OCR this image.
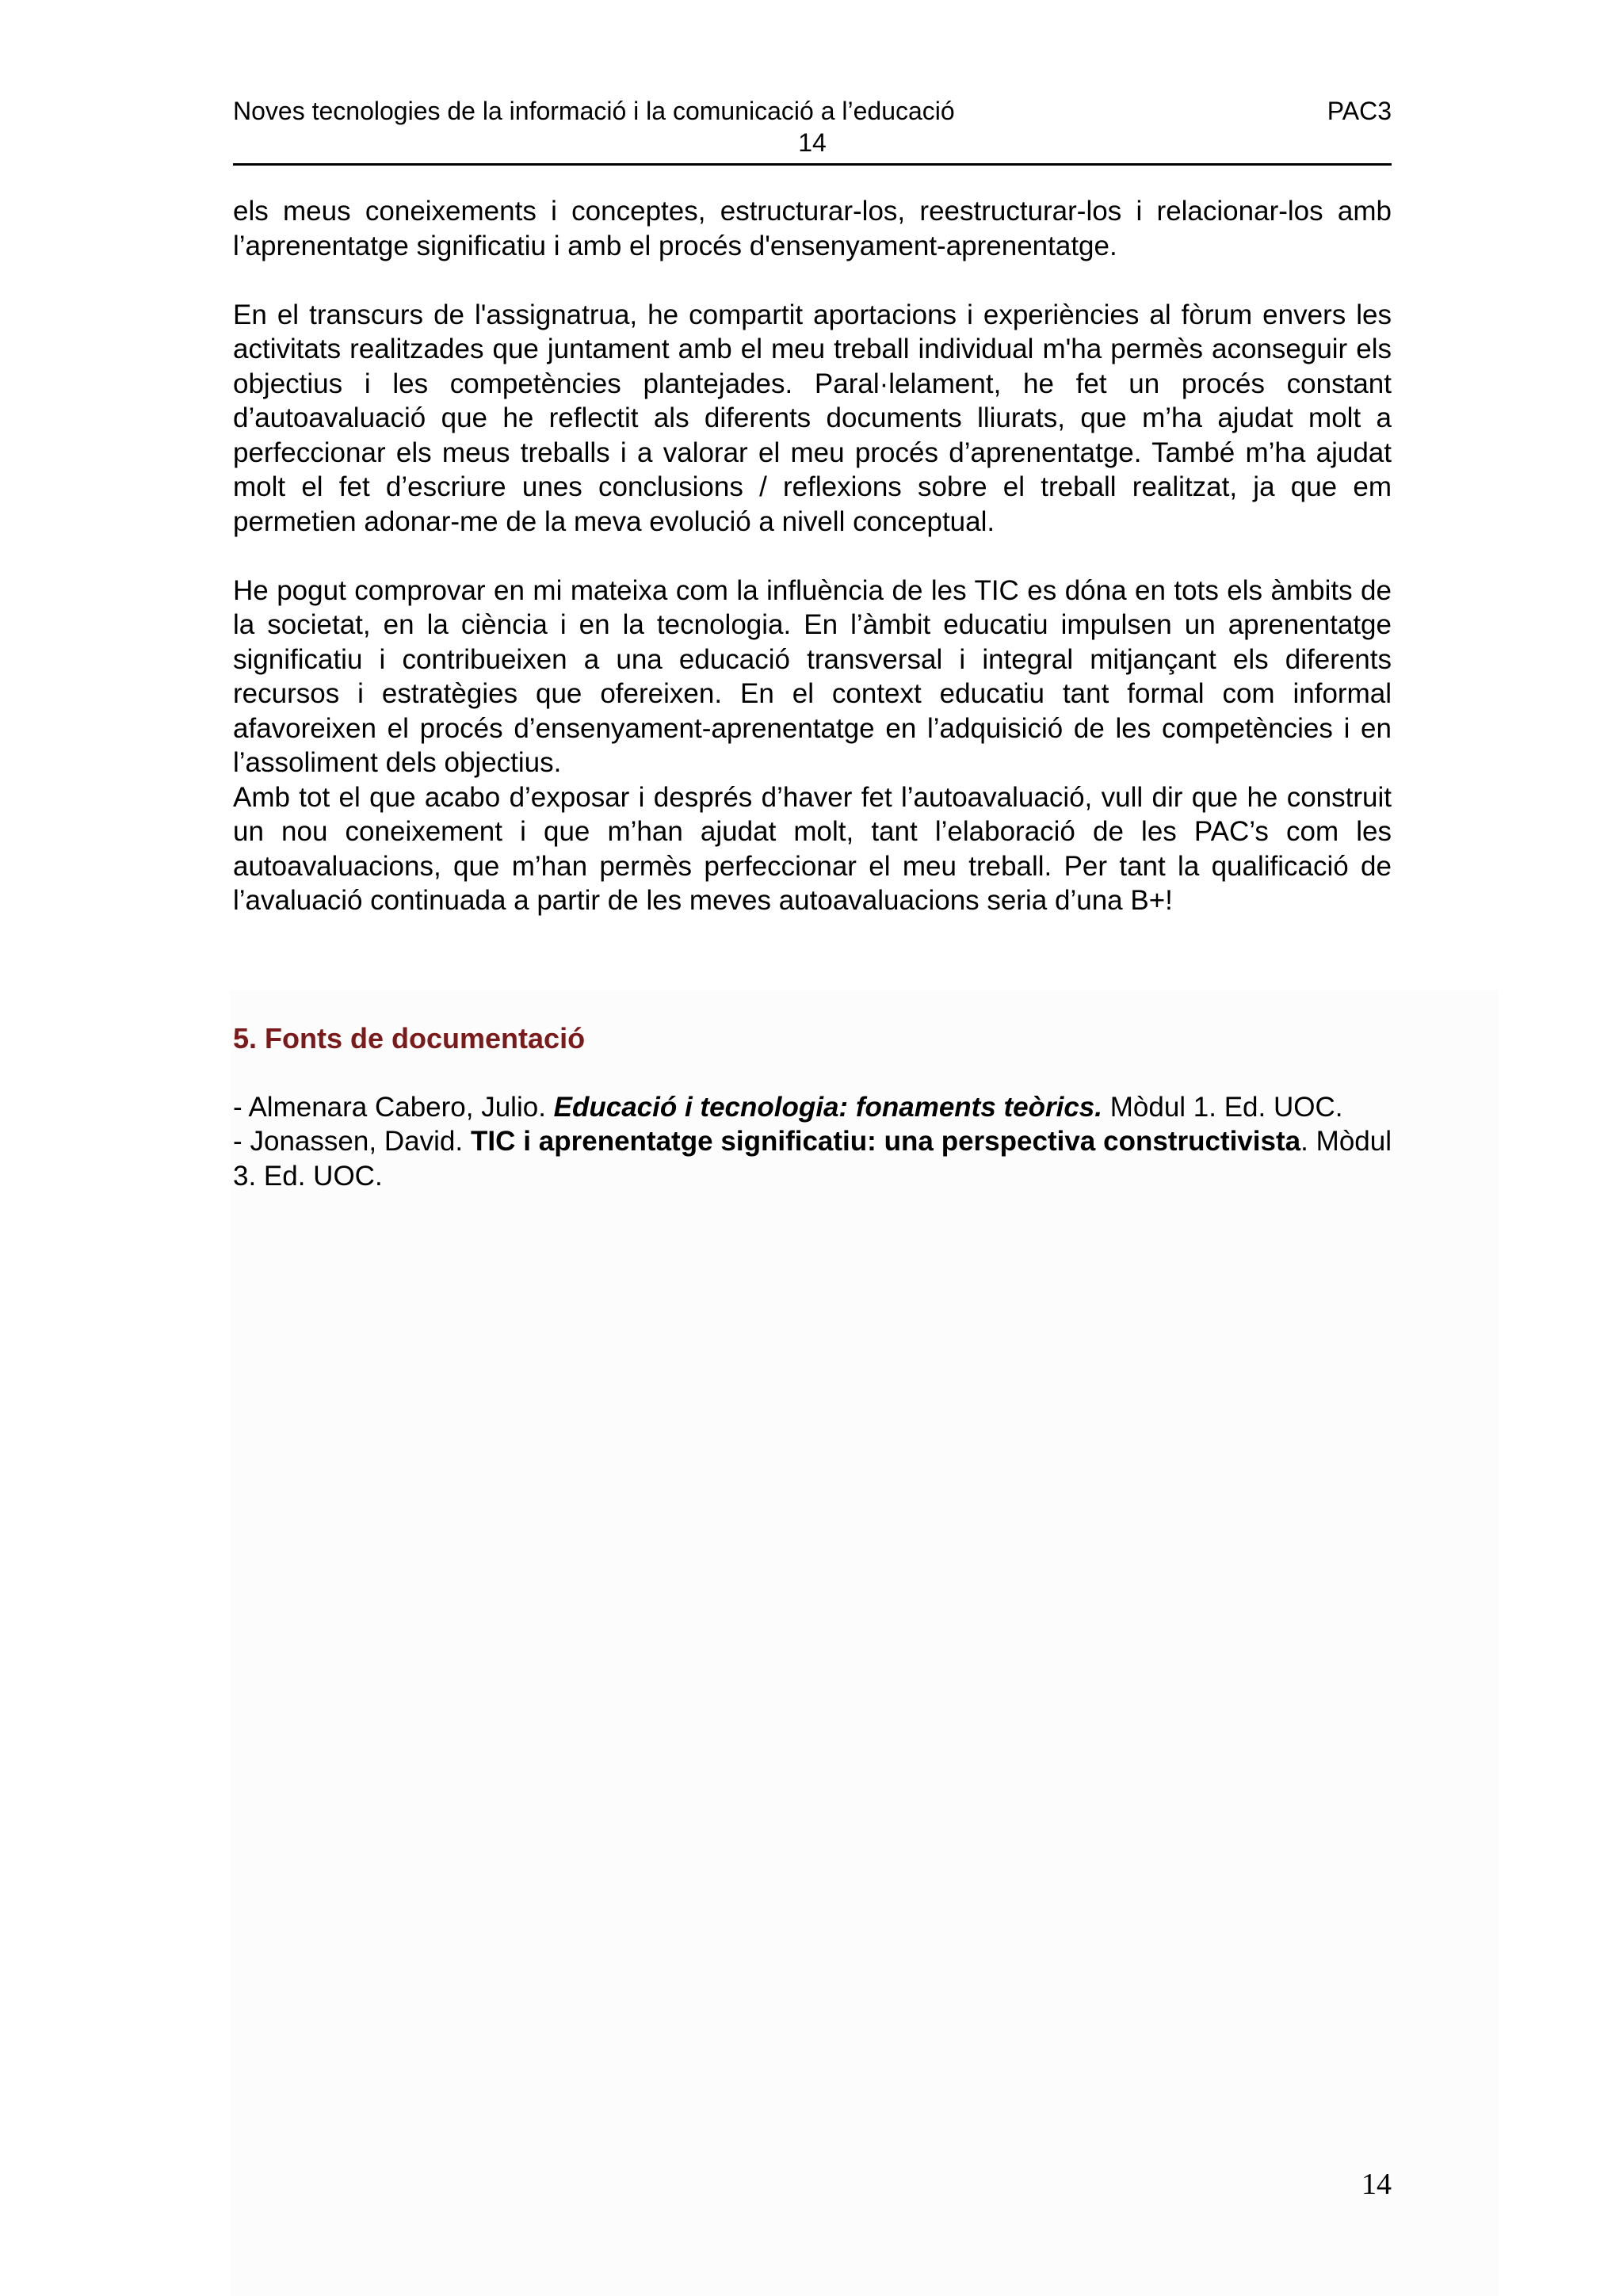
Noves tecnologies de la informació i la comunicació a l’educació	PAC3
14

els meus coneixements i conceptes, estructurar-los, reestructurar-los i relacionar-los amb l’aprenentatge significatiu i amb el procés d'ensenyament-aprenentatge.

En el transcurs de l'assignatrua, he compartit aportacions i experiències al fòrum envers les activitats realitzades que juntament amb el meu treball individual m'ha permès aconseguir els objectius i les competències plantejades. Paral·lelament, he fet un procés constant d’autoavaluació que he reflectit als diferents documents lliurats, que m’ha ajudat molt a perfeccionar els meus treballs i a valorar el meu procés d’aprenentatge. També m’ha ajudat molt el fet d’escriure unes conclusions / reflexions sobre el treball realitzat, ja que em permetien adonar-me de la meva evolució a nivell conceptual.

He pogut comprovar en mi mateixa com la influència de les TIC es dóna en tots els àmbits de la societat, en la ciència i en la tecnologia. En l’àmbit educatiu impulsen un aprenentatge significatiu i contribueixen a una educació transversal i integral mitjançant els diferents recursos i estratègies que ofereixen. En el context educatiu tant formal com informal afavoreixen el procés d’ensenyament-aprenentatge en l’adquisició de les competències i en l’assoliment dels objectius.

Amb tot el que acabo d’exposar i després d’haver fet l’autoavaluació, vull dir que he construit un nou coneixement i que m’han ajudat molt, tant l’elaboració de les PAC’s com les autoavaluacions, que m’han permès perfeccionar el meu treball. Per tant la qualificació de l’avaluació continuada a partir de les meves autoavaluacions seria d’una B+!

5. Fonts de documentació

- Almenara Cabero, Julio. Educació i tecnologia: fonaments teòrics. Mòdul 1. Ed. UOC.

- Jonassen, David. TIC i aprenentatge significatiu: una perspectiva constructivista. Mòdul 3. Ed. UOC.

14
